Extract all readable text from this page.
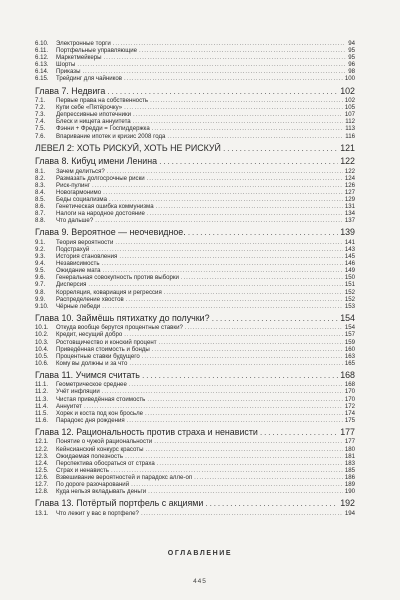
6.10.	Электронные торги . . .	94
6.11.	Портфельные управляющие . . .	95
6.12.	Маркетмейкеры . . .	95
6.13.	Шорты . . .	96
6.14.	Приказы . . .	98
6.15.	Трейдинг для чайников . . .	100
Глава 7. Недвига . . .	102
7.1.	Первые права на собственность . . .	102
7.2.	Купи себе «Пятёрочку» . . .	105
7.3.	Депрессивные ипотечники . . .	107
7.4.	Блеск и нищета аннуитета . . .	112
7.5.	Фэнни + Фредди = Госпиддержка . . .	113
7.6.	Впаривание ипотек и кризис 2008 года . . .	116
ЛЕВЕЛ 2: ХОТЬ РИСКУЙ, ХОТЬ НЕ РИСКУЙ . . .	121
Глава 8. Кибуц имени Ленина . . .	122
8.1.	Зачем делиться? . . .	122
8.2.	Размазать долгосрочные риски . . .	124
8.3.	Риск-пулинг . . .	126
8.4.	Новогармонимо . . .	127
8.5.	Беды социализма . . .	129
8.6.	Генетическая ошибка коммунизма . . .	131
8.7.	Налоги на народное достояние . . .	134
8.8.	Что дальше? . . .	137
Глава 9. Вероятное — неочевидное. . . .	139
9.1.	Теория вероятности . . .	141
9.2.	Подстрахуй . . .	143
9.3.	История становления . . .	145
9.4.	Независимость . . .	146
9.5.	Ожидание мата . . .	149
9.6.	Генеральная совокупность против выборки . . .	150
9.7.	Дисперсия . . .	151
9.8.	Корреляция, ковариация и регрессия . . .	152
9.9.	Распределение хвостов . . .	152
9.10.	Чёрные лебеди . . .	153
Глава 10. Займёшь пятихатку до получки? . . .	154
10.1.	Откуда вообще берутся процентные ставки? . . .	154
10.2.	Кредит, несущий добро . . .	157
10.3.	Ростовщичество и конский процент . . .	159
10.4.	Приведённая стоимость и бонды . . .	160
10.5.	Процентные ставки будущего . . .	163
10.6.	Кому вы должны и за что . . .	165
Глава 11. Учимся считать . . .	168
11.1.	Геометрическое среднее . . .	168
11.2.	Учёт инфляции . . .	170
11.3.	Чистая приведённая стоимость . . .	170
11.4.	Аннуитет . . .	172
11.5.	Хорек и коста под кон бросьле . . .	174
11.6.	Парадокс дня рождения . . .	175
Глава 12. Рациональность против страха и ненависти . . .	177
12.1.	Понятие о чужой рациональности . . .	177
12.2.	Кейнсианский конкурс красоты . . .	180
12.3.	Ожидаемая полезность . . .	181
12.4.	Перспектива обосраться от страха . . .	183
12.5.	Страх и ненависть . . .	185
12.6.	Взвешивание вероятностей и парадокс алле-оп . . .	186
12.7.	По дороге разочарований . . .	189
12.8.	Куда нельзя вкладывать деньги . . .	190
Глава 13. Потёртый портфель с акциями . . .	192
13.1.	Что лежит у вас в портфеле? . . .	194
ОГЛАВЛЕНИЕ
445
